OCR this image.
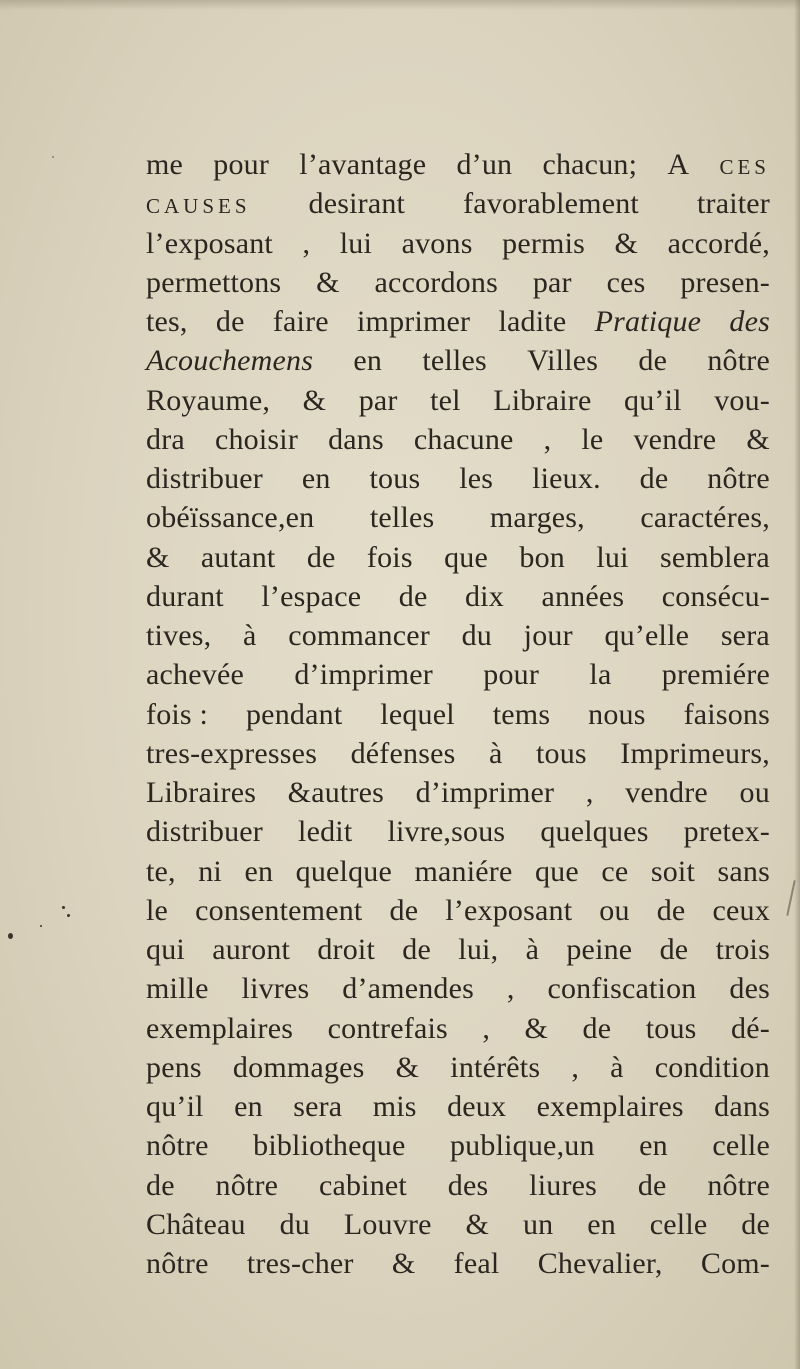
me pour l’avantage d’un chacun; A CES
CAUSES desirant favorablement traiter
l’exposant , lui avons permis & accordé,
permettons & accordons par ces presen-
tes, de faire imprimer ladite Pratique des
Acouchemens en telles Villes de nôtre
Royaume, & par tel Libraire qu’il vou-
dra choisir dans chacune , le vendre &
distribuer en tous les lieux. de nôtre
obéïssance,en telles marges, caractéres,
& autant de fois que bon lui semblera
durant l’espace de dix années consécu-
tives, à commancer du jour qu’elle sera
achevée d’imprimer pour la premiére
fois : pendant lequel tems nous faisons
tres-expresses défenses à tous Imprimeurs,
Libraires &autres d’imprimer , vendre ou
distribuer ledit livre,sous quelques pretex-
te, ni en quelque maniére que ce soit sans
le consentement de l’exposant ou de ceux
qui auront droit de lui, à peine de trois
mille livres d’amendes , confiscation des
exemplaires contrefais , & de tous dé-
pens dommages & intérêts , à condition
qu’il en sera mis deux exemplaires dans
nôtre bibliotheque publique,un en celle
de nôtre cabinet des liures de nôtre
Château du Louvre & un en celle de
nôtre tres-cher & feal Chevalier, Com-
